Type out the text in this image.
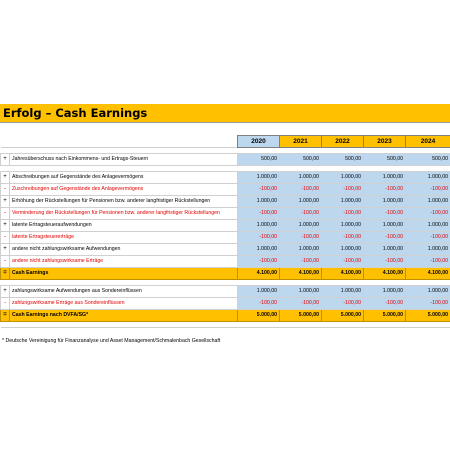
Erfolg – Cash Earnings
		2020	2021	2022	2023	2024

+	Jahresüberschuss nach Einkommens- und Ertrags-Steuern	500,00	500,00	500,00	500,00	500,00

+	Abschreibungen auf Gegenstände des Anlagevermögens	1.000,00	1.000,00	1.000,00	1.000,00	1.000,00
-	Zuschreibungen auf Gegenstände des Anlagevermögens	-100,00	-100,00	-100,00	-100,00	-100,00
+	Erhöhung der Rückstellungen für Pensionen bzw. anderer langfristiger Rückstellungen	1.000,00	1.000,00	1.000,00	1.000,00	1.000,00
-	Verminderung der Rückstellungen für Pensionen bzw. anderer langfristiger Rückstellungen	-100,00	-100,00	-100,00	-100,00	-100,00
+	latente Ertragsteueraufwendungen	1.000,00	1.000,00	1.000,00	1.000,00	1.000,00
-	latente Ertragsteuererträge	-100,00	-100,00	-100,00	-100,00	-100,00
+	andere nicht zahlungswirksame Aufwendungen	1.000,00	1.000,00	1.000,00	1.000,00	1.000,00
-	andere nicht zahlungswirksame Erträge	-100,00	-100,00	-100,00	-100,00	-100,00
=	Cash Earnings	4.100,00	4.100,00	4.100,00	4.100,00	4.100,00

+	zahlungswirksame Aufwendungen aus Sondereinflüssen	1.000,00	1.000,00	1.000,00	1.000,00	1.000,00
-	zahlungswirksame Erträge aus Sondereinflüssen	-100,00	-100,00	-100,00	-100,00	-100,00
=	Cash Earnings nach DVFA/SG*	5.000,00	5.000,00	5.000,00	5.000,00	5.000,00

* Deutsche Vereinigung für Finanzanalyse und Asset Management/Schmalenbach Gesellschaft
